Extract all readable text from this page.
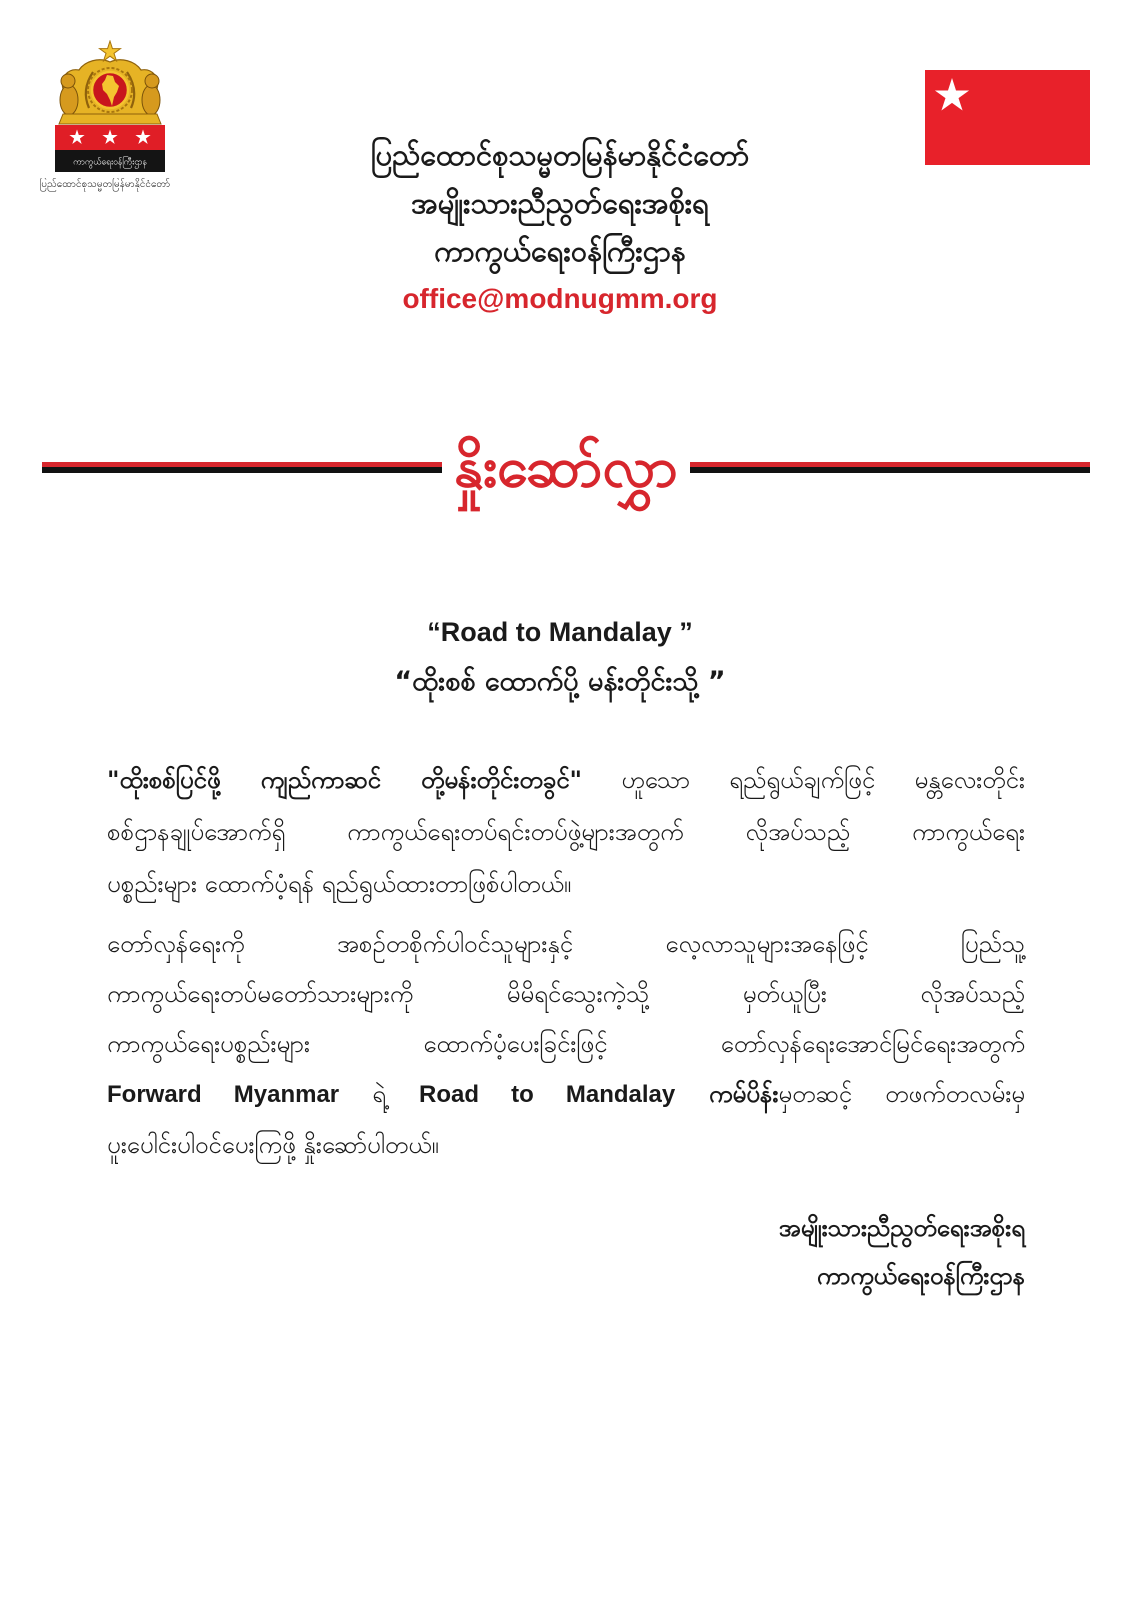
ကာကွယ်ရေးဝန်ကြီးဌာန
ပြည်ထောင်စုသမ္မတမြန်မာနိုင်ငံတော်
ပြည်ထောင်စုသမ္မတမြန်မာနိုင်ငံတော်
အမျိုးသားညီညွတ်ရေးအစိုးရ
ကာကွယ်ရေးဝန်ကြီးဌာန
office@modnugmm.org
နှိုးဆော်လွှာ
“Road to Mandalay ”
“ထိုးစစ် ထောက်ပို့ မန်းတိုင်းသို့ ”
"ထိုးစစ်ပြင်ဖို့ ကျည်ကာဆင် တို့မန်းတိုင်းတခွင်" ဟူသော ရည်ရွယ်ချက်ဖြင့် မန္တလေးတိုင်း
စစ်ဌာနချုပ်အောက်ရှိ ကာကွယ်ရေးတပ်ရင်းတပ်ဖွဲ့များအတွက် လိုအပ်သည့် ကာကွယ်ရေး
ပစ္စည်းများ ထောက်ပံ့ရန် ရည်ရွယ်ထားတာဖြစ်ပါတယ်။
တော်လှန်ရေးကို အစဉ်တစိုက်ပါဝင်သူများနှင့် လေ့လာသူများအနေဖြင့် ပြည်သူ့
ကာကွယ်ရေးတပ်မတော်သားများကို မိမိရင်သွေးကဲ့သို့ မှတ်ယူပြီး လိုအပ်သည့်
ကာကွယ်ရေးပစ္စည်းများ ထောက်ပံ့ပေးခြင်းဖြင့် တော်လှန်ရေးအောင်မြင်ရေးအတွက်
Forward Myanmar ရဲ့ Road to Mandalay ကမ်ပိန်းမှတဆင့် တဖက်တလမ်းမှ
ပူးပေါင်းပါဝင်ပေးကြဖို့ နှိုးဆော်ပါတယ်။
အမျိုးသားညီညွတ်ရေးအစိုးရ
ကာကွယ်ရေးဝန်ကြီးဌာန
